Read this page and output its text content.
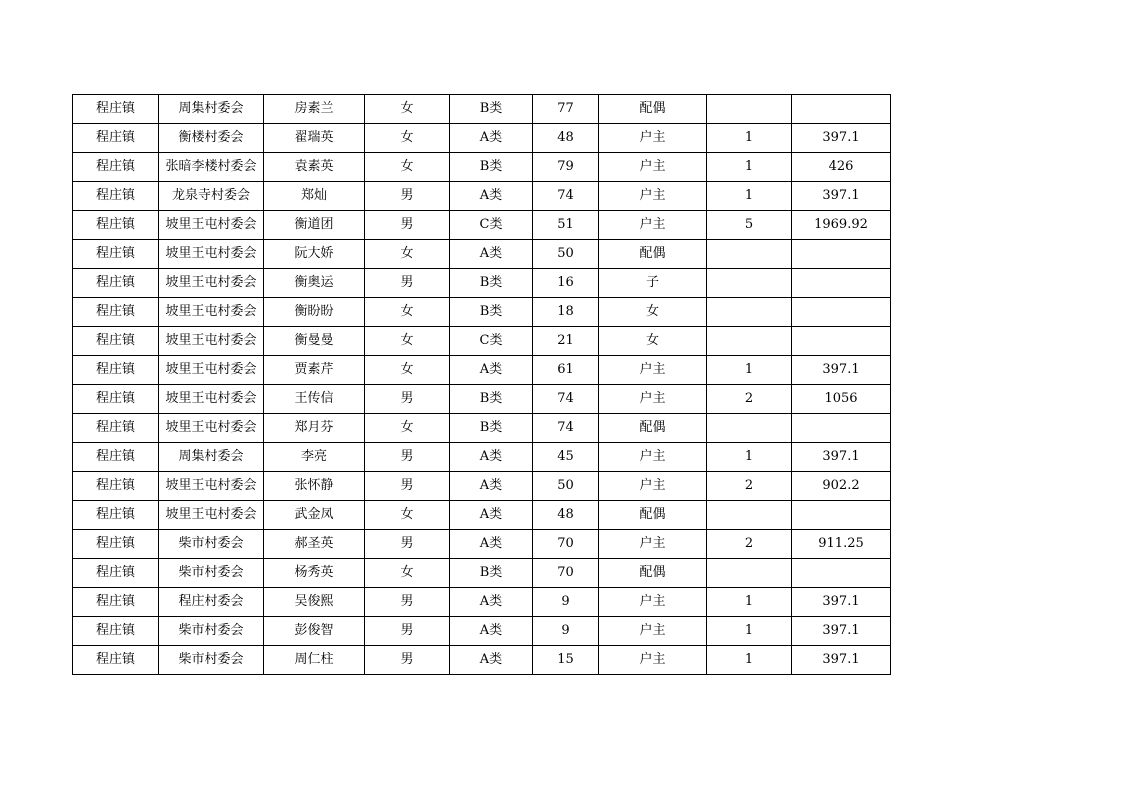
程庄镇	周集村委会	房素兰	女	B类	77	配偶		
程庄镇	衡楼村委会	翟瑞英	女	A类	48	户主	1	397.1
程庄镇	张暗李楼村委会	袁素英	女	B类	79	户主	1	426
程庄镇	龙泉寺村委会	郑灿	男	A类	74	户主	1	397.1
程庄镇	坡里王屯村委会	衡道团	男	C类	51	户主	5	1969.92
程庄镇	坡里王屯村委会	阮大娇	女	A类	50	配偶		
程庄镇	坡里王屯村委会	衡奥运	男	B类	16	子		
程庄镇	坡里王屯村委会	衡盼盼	女	B类	18	女		
程庄镇	坡里王屯村委会	衡曼曼	女	C类	21	女		
程庄镇	坡里王屯村委会	贾素芹	女	A类	61	户主	1	397.1
程庄镇	坡里王屯村委会	王传信	男	B类	74	户主	2	1056
程庄镇	坡里王屯村委会	郑月芬	女	B类	74	配偶		
程庄镇	周集村委会	李亮	男	A类	45	户主	1	397.1
程庄镇	坡里王屯村委会	张怀静	男	A类	50	户主	2	902.2
程庄镇	坡里王屯村委会	武金凤	女	A类	48	配偶		
程庄镇	柴市村委会	郝圣英	男	A类	70	户主	2	911.25
程庄镇	柴市村委会	杨秀英	女	B类	70	配偶		
程庄镇	程庄村委会	吴俊熙	男	A类	9	户主	1	397.1
程庄镇	柴市村委会	彭俊智	男	A类	9	户主	1	397.1
程庄镇	柴市村委会	周仁柱	男	A类	15	户主	1	397.1
